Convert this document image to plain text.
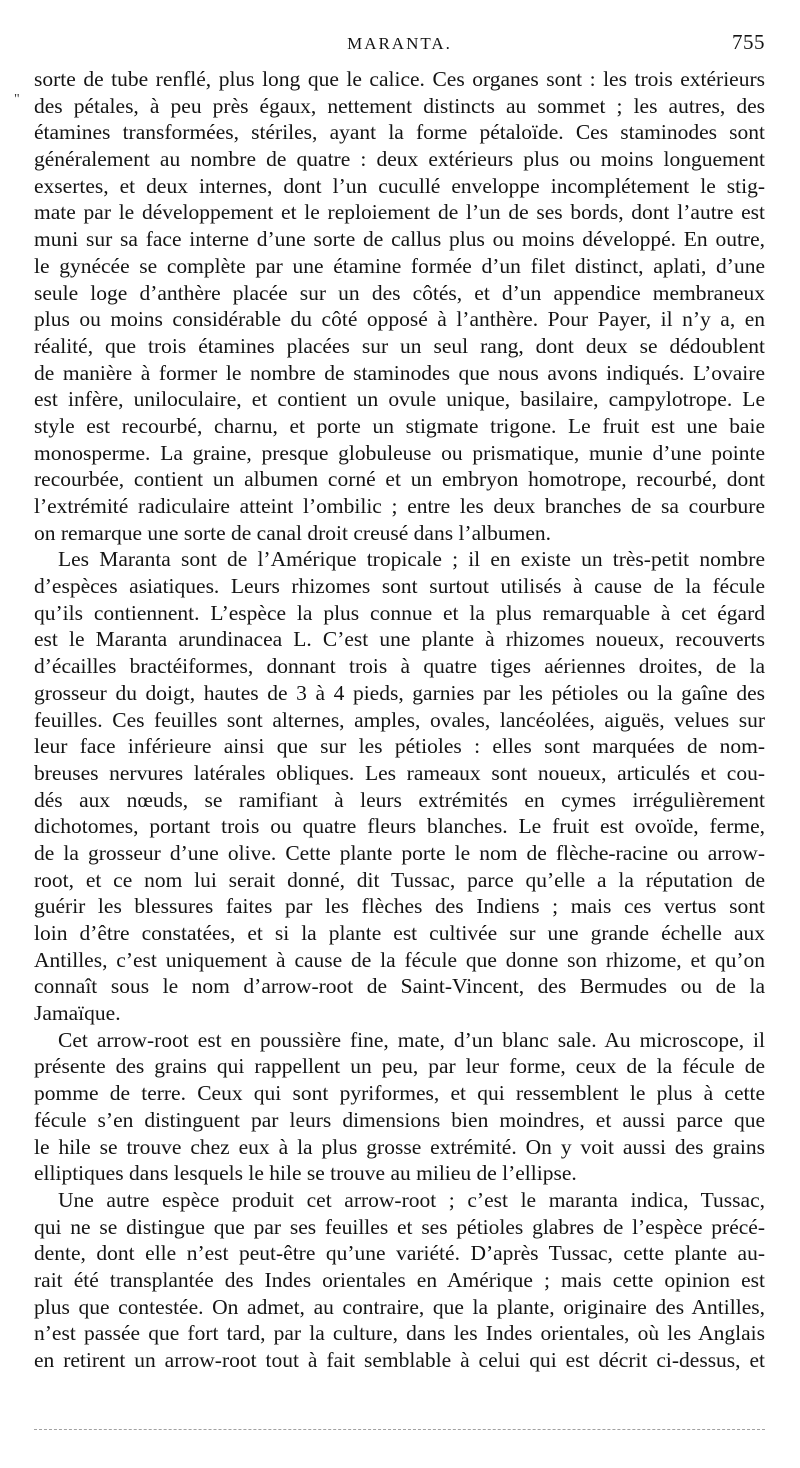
MARANTA.	755
"
sorte de tube renflé, plus long que le calice. Ces organes sont : les trois extérieurs
des pétales, à peu près égaux, nettement distincts au sommet ; les autres, des
étamines transformées, stériles, ayant la forme pétaloïde. Ces staminodes sont
généralement au nombre de quatre : deux extérieurs plus ou moins longuement
exsertes, et deux internes, dont l’un cucullé enveloppe incomplétement le stig-
mate par le développement et le reploiement de l’un de ses bords, dont l’autre est
muni sur sa face interne d’une sorte de callus plus ou moins développé. En outre,
le gynécée se complète par une étamine formée d’un filet distinct, aplati, d’une
seule loge d’anthère placée sur un des côtés, et d’un appendice membraneux
plus ou moins considérable du côté opposé à l’anthère. Pour Payer, il n’y a, en
réalité, que trois étamines placées sur un seul rang, dont deux se dédoublent
de manière à former le nombre de staminodes que nous avons indiqués. L’ovaire
est infère, uniloculaire, et contient un ovule unique, basilaire, campylotrope. Le
style est recourbé, charnu, et porte un stigmate trigone. Le fruit est une baie
monosperme. La graine, presque globuleuse ou prismatique, munie d’une pointe
recourbée, contient un albumen corné et un embryon homotrope, recourbé, dont
l’extrémité radiculaire atteint l’ombilic ; entre les deux branches de sa courbure
on remarque une sorte de canal droit creusé dans l’albumen.
Les Maranta sont de l’Amérique tropicale ; il en existe un très-petit nombre
d’espèces asiatiques. Leurs rhizomes sont surtout utilisés à cause de la fécule
qu’ils contiennent. L’espèce la plus connue et la plus remarquable à cet égard
est le Maranta arundinacea L. C’est une plante à rhizomes noueux, recouverts
d’écailles bractéiformes, donnant trois à quatre tiges aériennes droites, de la
grosseur du doigt, hautes de 3 à 4 pieds, garnies par les pétioles ou la gaîne des
feuilles. Ces feuilles sont alternes, amples, ovales, lancéolées, aiguës, velues sur
leur face inférieure ainsi que sur les pétioles : elles sont marquées de nom-
breuses nervures latérales obliques. Les rameaux sont noueux, articulés et cou-
dés aux nœuds, se ramifiant à leurs extrémités en cymes irrégulièrement
dichotomes, portant trois ou quatre fleurs blanches. Le fruit est ovoïde, ferme,
de la grosseur d’une olive. Cette plante porte le nom de flèche-racine ou arrow-
root, et ce nom lui serait donné, dit Tussac, parce qu’elle a la réputation de
guérir les blessures faites par les flèches des Indiens ; mais ces vertus sont
loin d’être constatées, et si la plante est cultivée sur une grande échelle aux
Antilles, c’est uniquement à cause de la fécule que donne son rhizome, et qu’on
connaît sous le nom d’arrow-root de Saint-Vincent, des Bermudes ou de la
Jamaïque.
Cet arrow-root est en poussière fine, mate, d’un blanc sale. Au microscope, il
présente des grains qui rappellent un peu, par leur forme, ceux de la fécule de
pomme de terre. Ceux qui sont pyriformes, et qui ressemblent le plus à cette
fécule s’en distinguent par leurs dimensions bien moindres, et aussi parce que
le hile se trouve chez eux à la plus grosse extrémité. On y voit aussi des grains
elliptiques dans lesquels le hile se trouve au milieu de l’ellipse.
Une autre espèce produit cet arrow-root ; c’est le maranta indica, Tussac,
qui ne se distingue que par ses feuilles et ses pétioles glabres de l’espèce précé-
dente, dont elle n’est peut-être qu’une variété. D’après Tussac, cette plante au-
rait été transplantée des Indes orientales en Amérique ; mais cette opinion est
plus que contestée. On admet, au contraire, que la plante, originaire des Antilles,
n’est passée que fort tard, par la culture, dans les Indes orientales, où les Anglais
en retirent un arrow-root tout à fait semblable à celui qui est décrit ci-dessus, et
